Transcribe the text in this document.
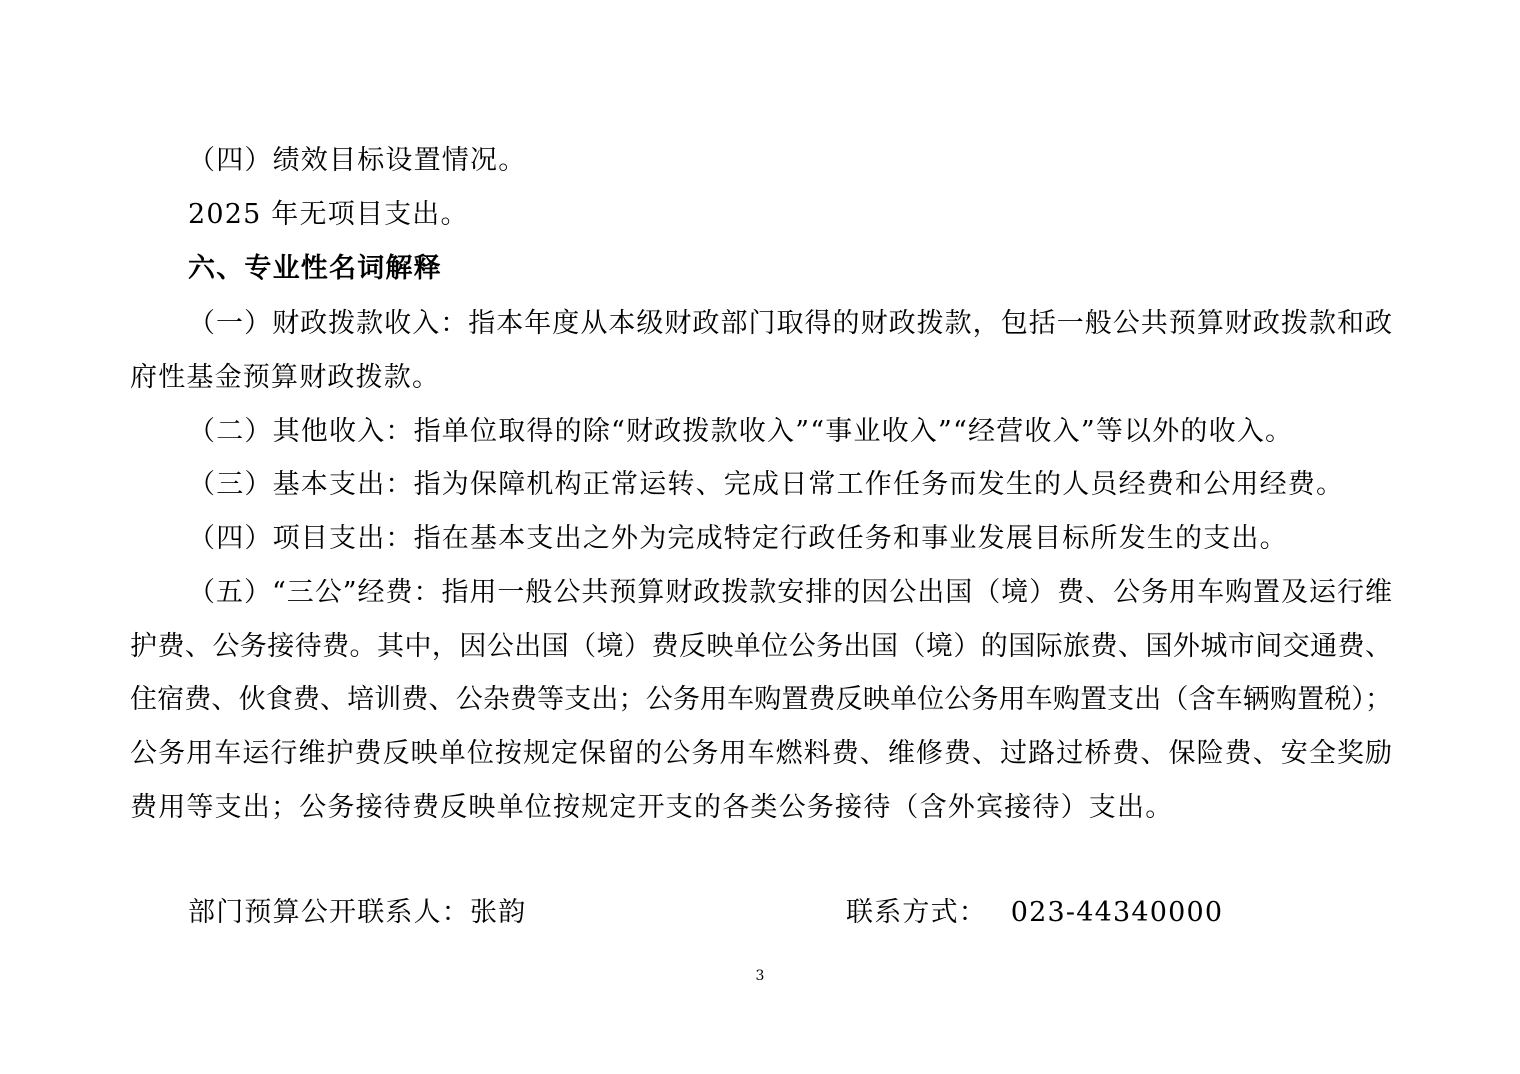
（四）绩效目标设置情况。
2025 年无项目支出。
六、专业性名词解释
（一）财政拨款收入：指本年度从本级财政部门取得的财政拨款，包括一般公共预算财政拨款和政
府性基金预算财政拨款。
（二）其他收入：指单位取得的除“财政拨款收入”“事业收入”“经营收入”等以外的收入。
（三）基本支出：指为保障机构正常运转、完成日常工作任务而发生的人员经费和公用经费。
（四）项目支出：指在基本支出之外为完成特定行政任务和事业发展目标所发生的支出。
（五）“三公”经费：指用一般公共预算财政拨款安排的因公出国（境）费、公务用车购置及运行维
护费、公务接待费。其中，因公出国（境）费反映单位公务出国（境）的国际旅费、国外城市间交通费、
住宿费、伙食费、培训费、公杂费等支出；公务用车购置费反映单位公务用车购置支出（含车辆购置税）；
公务用车运行维护费反映单位按规定保留的公务用车燃料费、维修费、过路过桥费、保险费、安全奖励
费用等支出；公务接待费反映单位按规定开支的各类公务接待（含外宾接待）支出。
部门预算公开联系人：张韵	联系方式： 023-44340000
3
